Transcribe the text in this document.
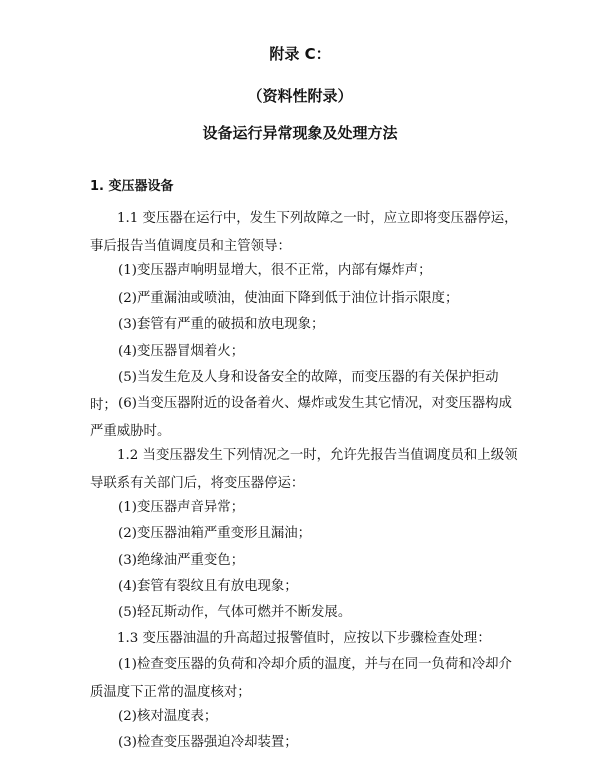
附录 C：
（资料性附录）
设备运行异常现象及处理方法
1. 变压器设备

1.1 变压器在运行中，发生下列故障之一时，应立即将变压器停运，事后报告当值调度员和主管领导：

(1)变压器声响明显增大，很不正常，内部有爆炸声；

(2)严重漏油或喷油，使油面下降到低于油位计指示限度；

(3)套管有严重的破损和放电现象；

(4)变压器冒烟着火；

(5)当发生危及人身和设备安全的故障，而变压器的有关保护拒动时； (6)当变压器附近的设备着火、爆炸或发生其它情况，对变压器构成严重威胁时。

1.2 当变压器发生下列情况之一时，允许先报告当值调度员和上级领导联系有关部门后，将变压器停运：

(1)变压器声音异常；

(2)变压器油箱严重变形且漏油；

(3)绝缘油严重变色；

(4)套管有裂纹且有放电现象；

(5)轻瓦斯动作，气体可燃并不断发展。

1.3 变压器油温的升高超过报警值时，应按以下步骤检查处理：

(1)检查变压器的负荷和冷却介质的温度，并与在同一负荷和冷却介质温度下正常的温度核对；

(2)核对温度表；

(3)检查变压器强迫冷却装置；
